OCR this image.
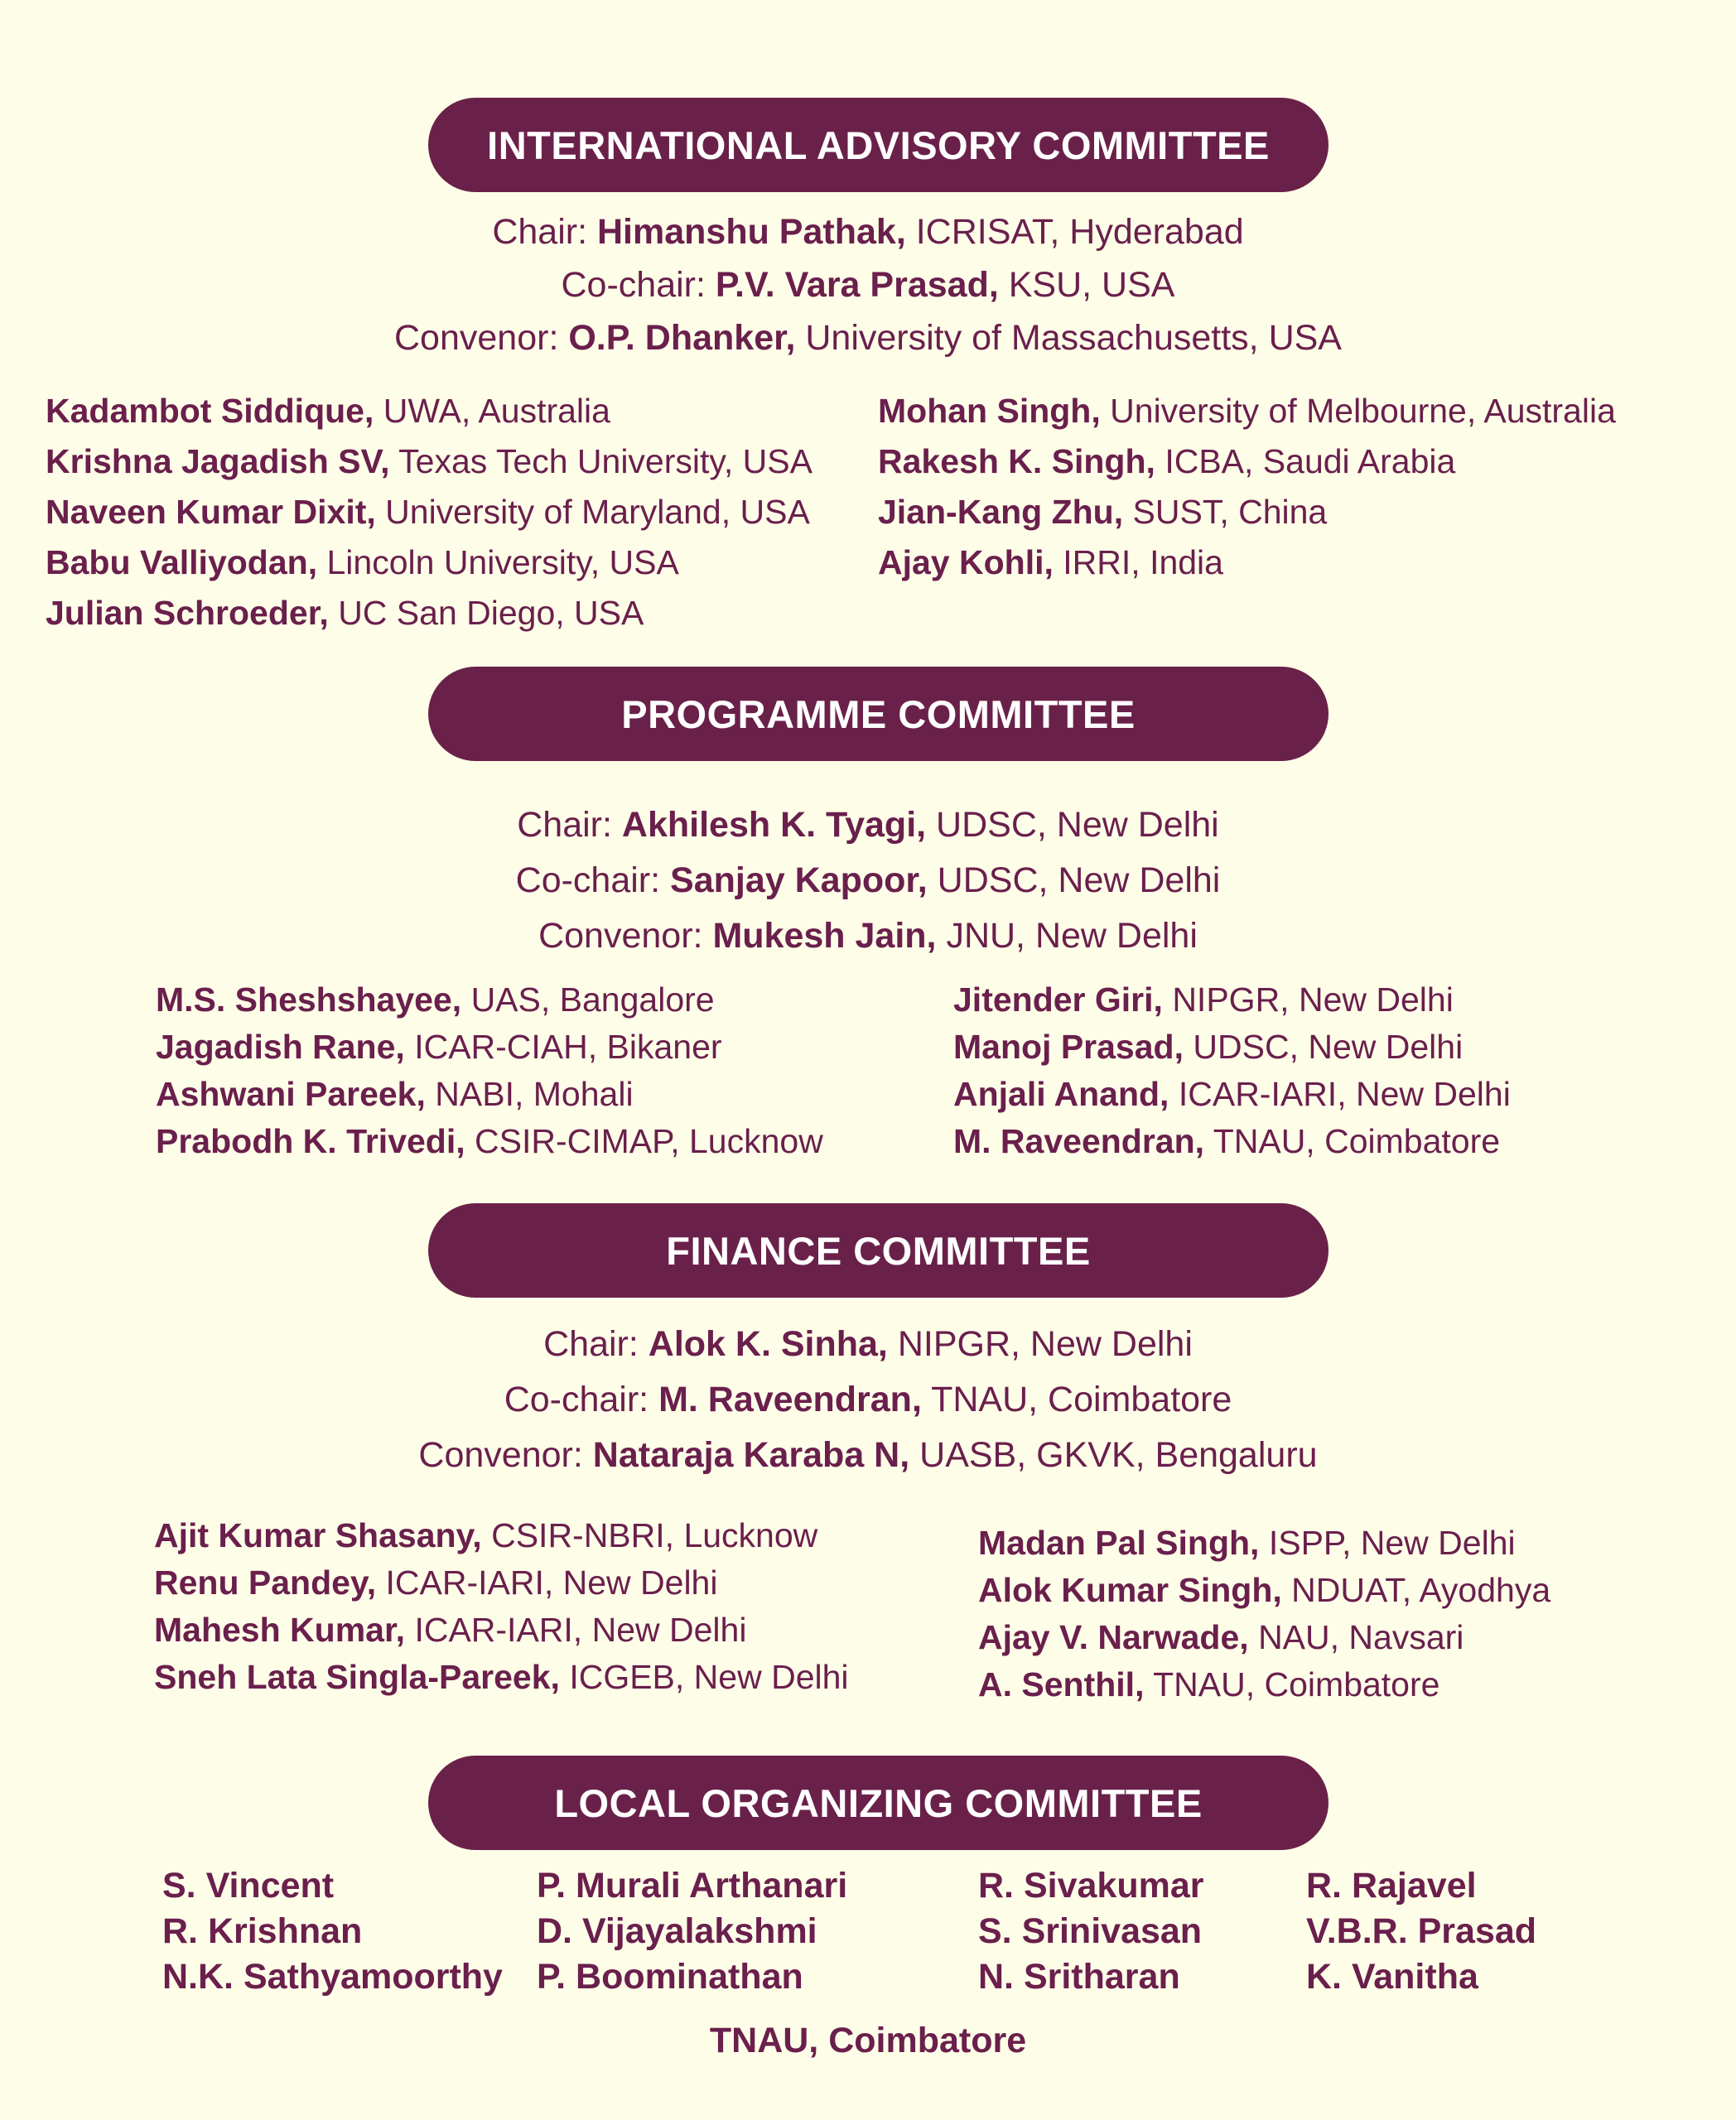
INTERNATIONAL ADVISORY COMMITTEE
Chair: Himanshu Pathak, ICRISAT, Hyderabad
Co-chair: P.V. Vara Prasad, KSU, USA
Convenor: O.P. Dhanker, University of Massachusetts, USA
Kadambot Siddique, UWA, Australia
Krishna Jagadish SV, Texas Tech University, USA
Naveen Kumar Dixit, University of Maryland, USA
Babu Valliyodan, Lincoln University, USA
Julian Schroeder, UC San Diego, USA
Mohan Singh, University of Melbourne, Australia
Rakesh K. Singh, ICBA, Saudi Arabia
Jian-Kang Zhu, SUST, China
Ajay Kohli, IRRI, India
PROGRAMME COMMITTEE
Chair: Akhilesh K. Tyagi, UDSC, New Delhi
Co-chair: Sanjay Kapoor, UDSC, New Delhi
Convenor: Mukesh Jain, JNU, New Delhi
M.S. Sheshshayee, UAS, Bangalore
Jagadish Rane, ICAR-CIAH, Bikaner
Ashwani Pareek, NABI, Mohali
Prabodh K. Trivedi, CSIR-CIMAP, Lucknow
Jitender Giri, NIPGR, New Delhi
Manoj Prasad, UDSC, New Delhi
Anjali Anand, ICAR-IARI, New Delhi
M. Raveendran, TNAU, Coimbatore
FINANCE COMMITTEE
Chair: Alok K. Sinha, NIPGR, New Delhi
Co-chair: M. Raveendran, TNAU, Coimbatore
Convenor: Nataraja Karaba N, UASB, GKVK, Bengaluru
Ajit Kumar Shasany, CSIR-NBRI, Lucknow
Renu Pandey, ICAR-IARI, New Delhi
Mahesh Kumar, ICAR-IARI, New Delhi
Sneh Lata Singla-Pareek, ICGEB, New Delhi
Madan Pal Singh, ISPP, New Delhi
Alok Kumar Singh, NDUAT, Ayodhya
Ajay V. Narwade, NAU, Navsari
A. Senthil, TNAU, Coimbatore
LOCAL ORGANIZING COMMITTEE
S. Vincent
R. Krishnan
N.K. Sathyamoorthy
P. Murali Arthanari
D. Vijayalakshmi
P. Boominathan
R. Sivakumar
S. Srinivasan
N. Sritharan
R. Rajavel
V.B.R. Prasad
K. Vanitha
TNAU, Coimbatore
